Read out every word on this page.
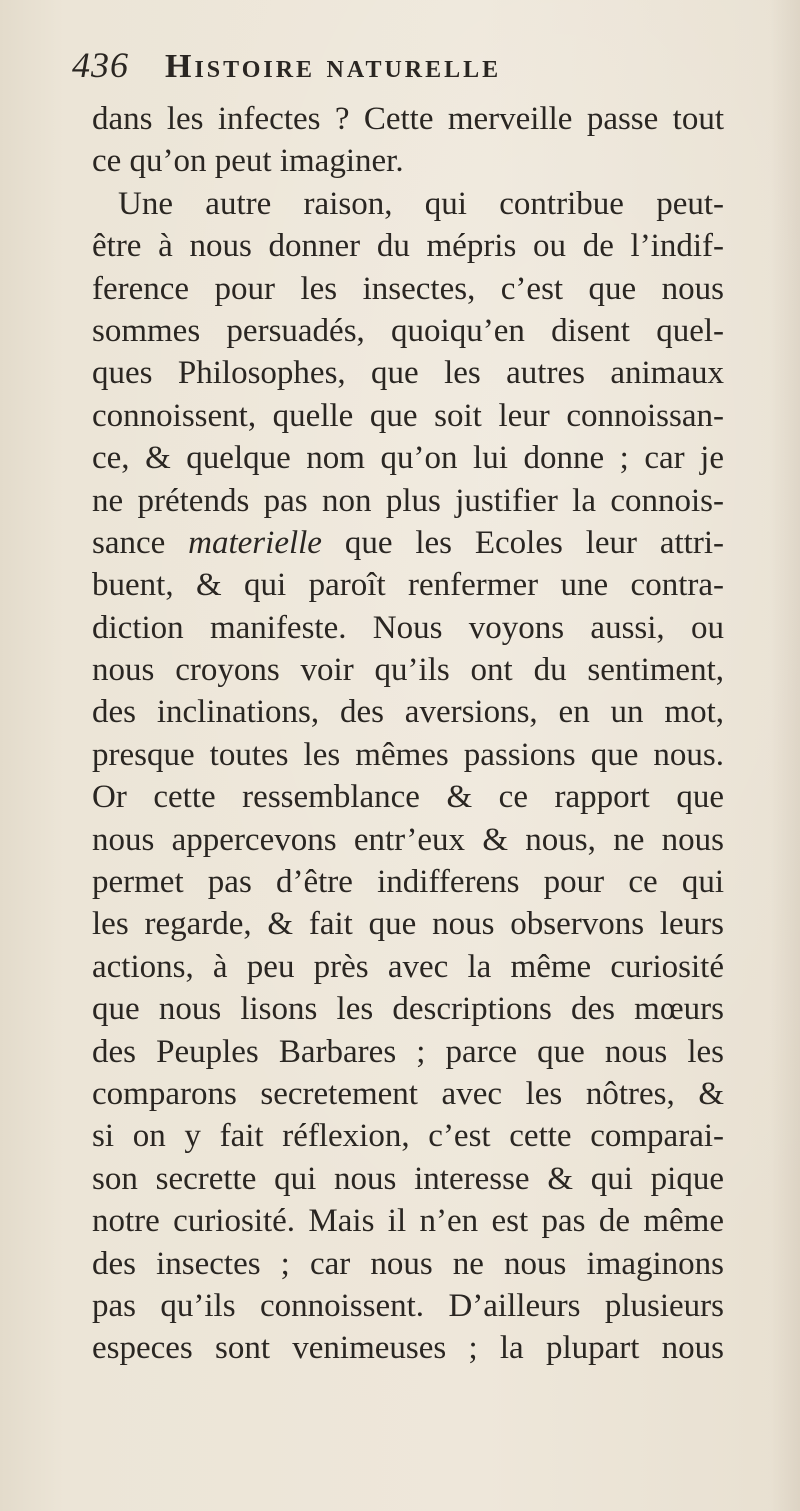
436 Histoire naturelle
dans les infectes ? Cette merveille passe tout
ce qu’on peut imaginer.
Une autre raison, qui contribue peut-
être à nous donner du mépris ou de l’indif-
ference pour les insectes, c’est que nous
sommes persuadés, quoiqu’en disent quel-
ques Philosophes, que les autres animaux
connoissent, quelle que soit leur connoissan-
ce, & quelque nom qu’on lui donne ; car je
ne prétends pas non plus justifier la connois-
sance materielle que les Ecoles leur attri-
buent, & qui paroît renfermer une contra-
diction manifeste. Nous voyons aussi, ou
nous croyons voir qu’ils ont du sentiment,
des inclinations, des aversions, en un mot,
presque toutes les mêmes passions que nous.
Or cette ressemblance & ce rapport que
nous appercevons entr’eux & nous, ne nous
permet pas d’être indifferens pour ce qui
les regarde, & fait que nous observons leurs
actions, à peu près avec la même curiosité
que nous lisons les descriptions des mœurs
des Peuples Barbares ; parce que nous les
comparons secretement avec les nôtres, &
si on y fait réflexion, c’est cette comparai-
son secrette qui nous interesse & qui pique
notre curiosité. Mais il n’en est pas de même
des insectes ; car nous ne nous imaginons
pas qu’ils connoissent. D’ailleurs plusieurs
especes sont venimeuses ; la plupart nous
